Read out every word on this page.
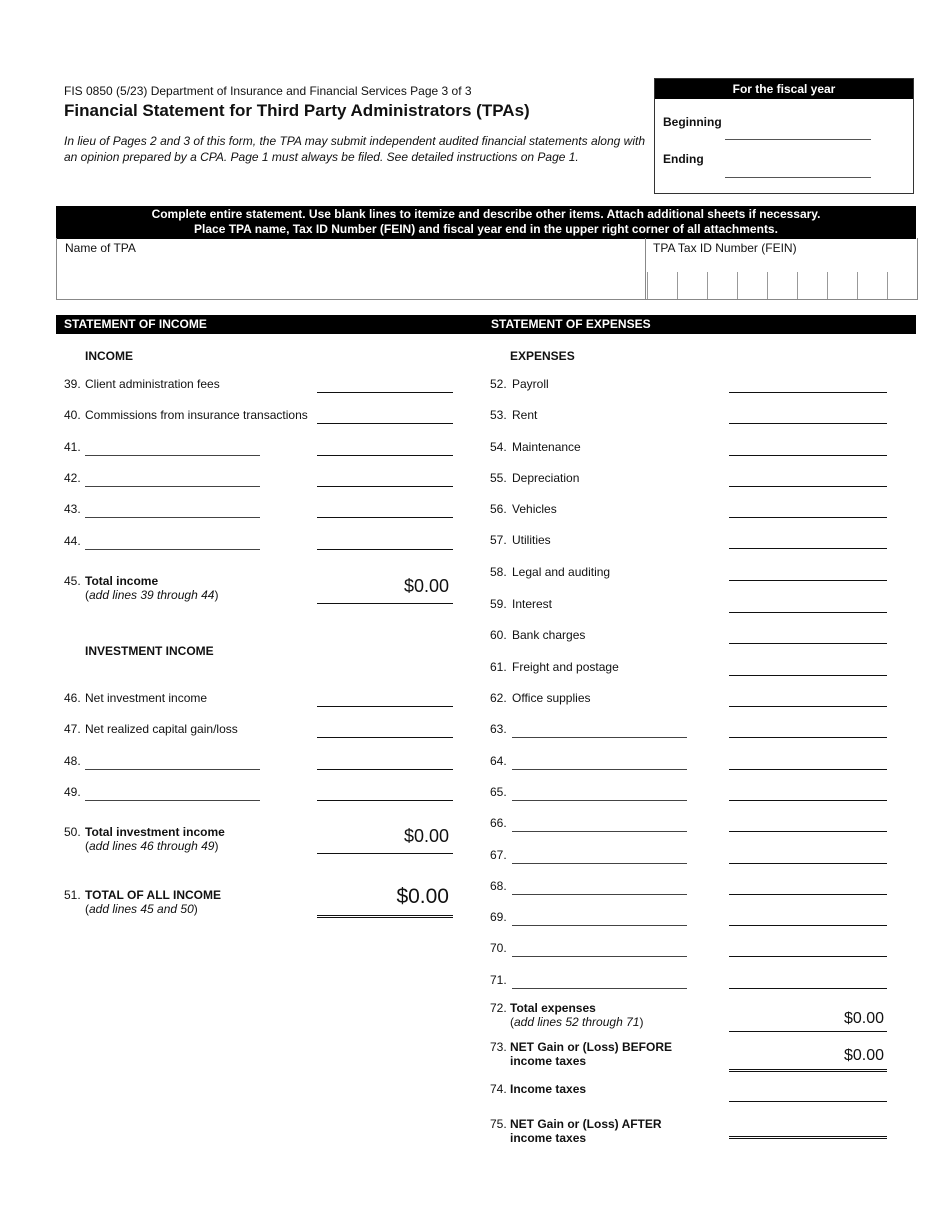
FIS 0850 (5/23) Department of Insurance and Financial Services Page 3 of 3
Financial Statement for Third Party Administrators (TPAs)
In lieu of Pages 2 and 3 of this form, the TPA may submit independent audited financial statements along with
an opinion prepared by a CPA. Page 1 must always be filed. See detailed instructions on Page 1.
For the fiscal year
Beginning
Ending
Complete entire statement. Use blank lines to itemize and describe other items. Attach additional sheets if necessary.
Place TPA name, Tax ID Number (FEIN) and fiscal year end in the upper right corner of all attachments.
Name of TPA	TPA Tax ID Number (FEIN)
STATEMENT OF INCOME	STATEMENT OF EXPENSES
INCOME	EXPENSES
39. Client administration fees
40. Commissions from insurance transactions
41.
42.
43.
44.
INVESTMENT INCOME
46. Net investment income
47. Net realized capital gain/loss
48.
49.
45. Total income
(add lines 39 through 44)	$0.00
50. Total investment income
(add lines 46 through 49)	$0.00
51. TOTAL OF ALL INCOME
(add lines 45 and 50)
$0.00
52. Payroll
53. Rent
54. Maintenance
55. Depreciation
56. Vehicles
57. Utilities
58. Legal and auditing
59. Interest
60. Bank charges
61. Freight and postage
62. Office supplies
63.
64.
65.
66.
67.
68.
69.
70.
71.
72. Total expenses
(add lines 52 through 71)	$0.00
73. NET Gain or (Loss) BEFORE
income taxes	$0.00
74. Income taxes
75. NET Gain or (Loss) AFTER
income taxes
